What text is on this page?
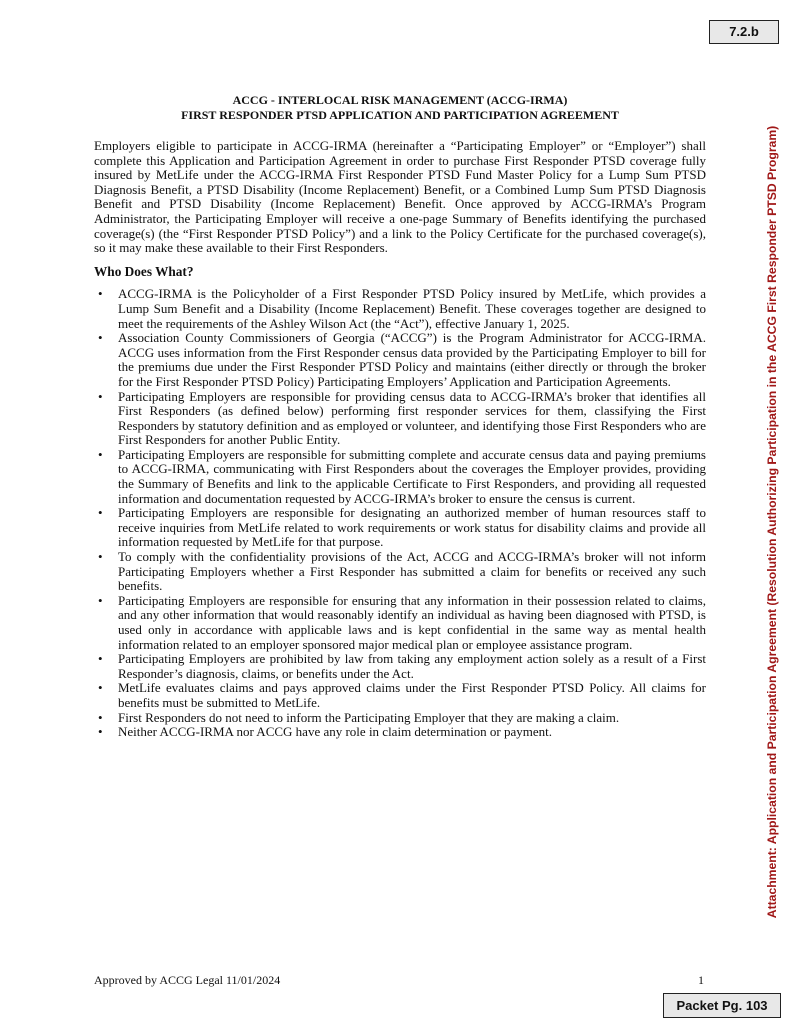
7.2.b
Attachment: Application and Participation Agreement (Resolution Authorizing Participation in the ACCG First Responder PTSD Program)
ACCG - INTERLOCAL RISK MANAGEMENT (ACCG-IRMA)
FIRST RESPONDER PTSD APPLICATION AND PARTICIPATION AGREEMENT

Employers eligible to participate in ACCG-IRMA (hereinafter a “Participating Employer” or “Employer”) shall complete this Application and Participation Agreement in order to purchase First Responder PTSD coverage fully insured by MetLife under the ACCG-IRMA First Responder PTSD Fund Master Policy for a Lump Sum PTSD Diagnosis Benefit, a PTSD Disability (Income Replacement) Benefit, or a Combined Lump Sum PTSD Diagnosis Benefit and PTSD Disability (Income Replacement) Benefit. Once approved by ACCG-IRMA’s Program Administrator, the Participating Employer will receive a one-page Summary of Benefits identifying the purchased coverage(s) (the “First Responder PTSD Policy”) and a link to the Policy Certificate for the purchased coverage(s), so it may make these available to their First Responders.

Who Does What?
• ACCG-IRMA is the Policyholder of a First Responder PTSD Policy insured by MetLife, which provides a Lump Sum Benefit and a Disability (Income Replacement) Benefit. These coverages together are designed to meet the requirements of the Ashley Wilson Act (the “Act”), effective January 1, 2025.
• Association County Commissioners of Georgia (“ACCG”) is the Program Administrator for ACCG-IRMA. ACCG uses information from the First Responder census data provided by the Participating Employer to bill for the premiums due under the First Responder PTSD Policy and maintains (either directly or through the broker for the First Responder PTSD Policy) Participating Employers’ Application and Participation Agreements.
• Participating Employers are responsible for providing census data to ACCG-IRMA’s broker that identifies all First Responders (as defined below) performing first responder services for them, classifying the First Responders by statutory definition and as employed or volunteer, and identifying those First Responders who are First Responders for another Public Entity.
• Participating Employers are responsible for submitting complete and accurate census data and paying premiums to ACCG-IRMA, communicating with First Responders about the coverages the Employer provides, providing the Summary of Benefits and link to the applicable Certificate to First Responders, and providing all requested information and documentation requested by ACCG-IRMA’s broker to ensure the census is current.
• Participating Employers are responsible for designating an authorized member of human resources staff to receive inquiries from MetLife related to work requirements or work status for disability claims and provide all information requested by MetLife for that purpose.
• To comply with the confidentiality provisions of the Act, ACCG and ACCG-IRMA’s broker will not inform Participating Employers whether a First Responder has submitted a claim for benefits or received any such benefits.
• Participating Employers are responsible for ensuring that any information in their possession related to claims, and any other information that would reasonably identify an individual as having been diagnosed with PTSD, is used only in accordance with applicable laws and is kept confidential in the same way as mental health information related to an employer sponsored major medical plan or employee assistance program.
• Participating Employers are prohibited by law from taking any employment action solely as a result of a First Responder’s diagnosis, claims, or benefits under the Act.
• MetLife evaluates claims and pays approved claims under the First Responder PTSD Policy. All claims for benefits must be submitted to MetLife.
• First Responders do not need to inform the Participating Employer that they are making a claim.
• Neither ACCG-IRMA nor ACCG have any role in claim determination or payment.
Approved by ACCG Legal 11/01/2024	1
Packet Pg. 103
